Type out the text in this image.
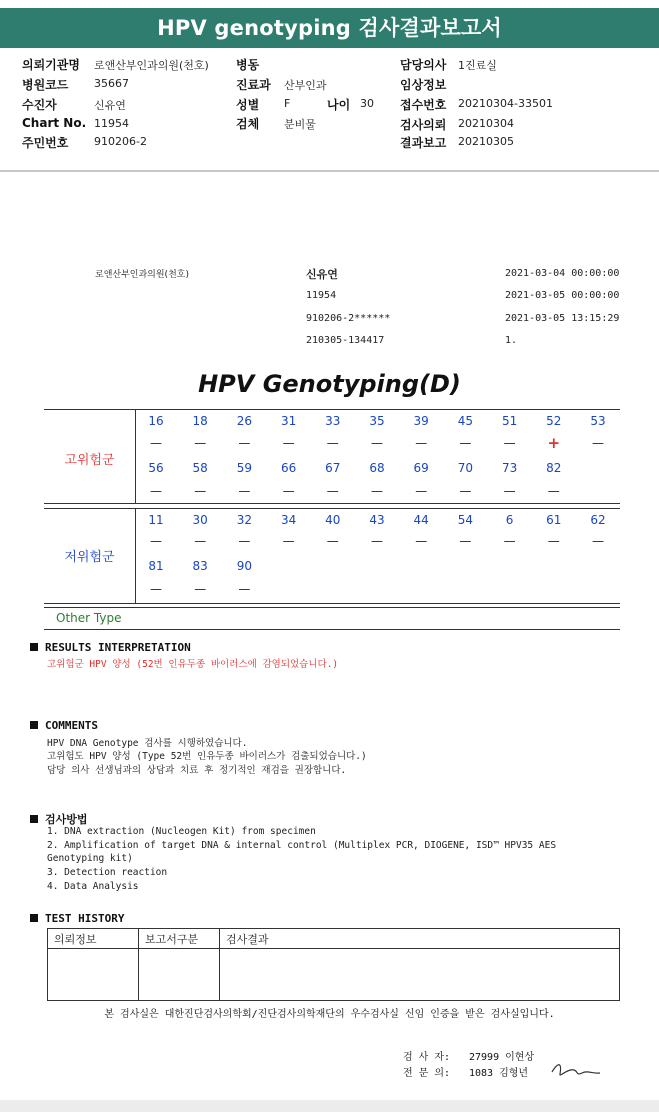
HPV genotyping 검사결과보고서
의뢰기관명 로앤산부인과의원(천호)
병원코드 35667
수진자	신유연
Chart No. 11954
주민번호 910206-2
병동
진료과 산부인과
성별 F	나이 30
검체 분비물
담당의사 1진료실
임상정보
접수번호 20210304-33501
검사의뢰 20210304
결과보고 20210305
로앤산부인과의원(천호)	신유연
11954
910206-2******
210305-134417
2021-03-04 00:00:00
2021-03-05 00:00:00
2021-03-05 13:15:29
1.
HPV Genotyping(D)
고위험군
저위험군
Other Type
16	18	26	31	33	35	39	45	51	52	53
—	—	—	—	—	—	—	—	—	+	—
56	58	59	66	67	68	69	70	73	82
—	—	—	—	—	—	—	—	—	—
11	30	32	34	40	43	44	54	6	61	62
—	—	—	—	—	—	—	—	—	—	—
81	83	90
—	—	—
RESULTS INTERPRETATION
고위험군 HPV 양성 (52번 인유두종 바이러스에 감염되었습니다.)
COMMENTS
HPV DNA Genotype 검사를 시행하였습니다.
고위험도 HPV 양성 (Type 52번 인유두종 바이러스가 검출되었습니다.)
담당 의사 선생님과의 상담과 치료 후 정기적인 재검을 권장합니다.
검사방법
1. DNA extraction (Nucleogen Kit) from specimen
2. Amplification of target DNA & internal control (Multiplex PCR, DIOGENE, ISD™ HPV35 AES
Genotyping kit)
3. Detection reaction
4. Data Analysis
TEST HISTORY
의뢰정보	보고서구분	검사결과

본 검사실은 대한진단검사의학회/진단검사의학재단의 우수검사실 신임 인증을 받은 검사실입니다.
검 사 자: 27999 이현상
전 문 의: 1083 김형년
